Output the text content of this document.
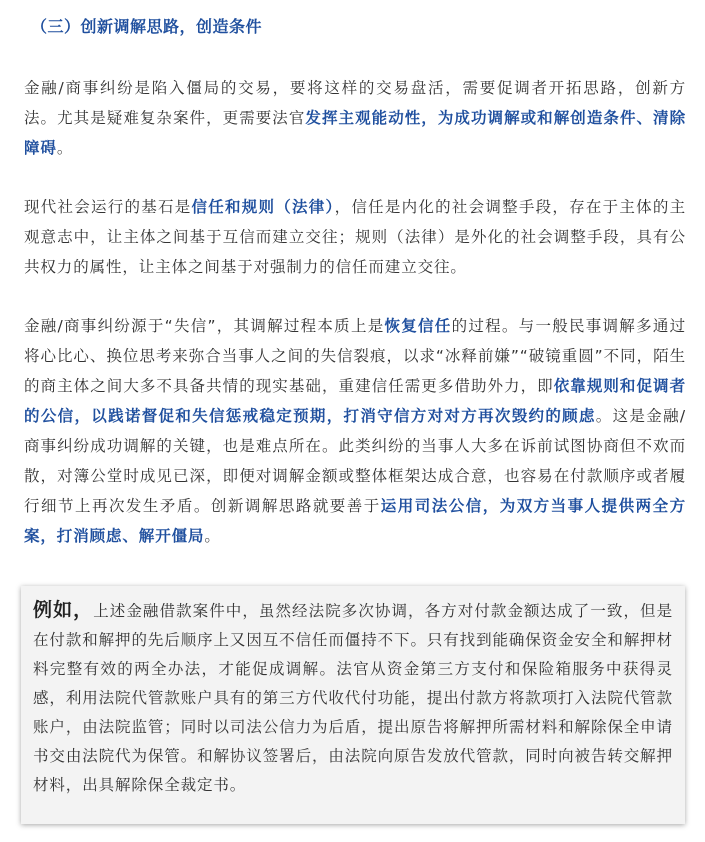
（三）创新调解思路，创造条件

金融/商事纠纷是陷入僵局的交易，要将这样的交易盘活，需要促调者开拓思路，创新方法。尤其是疑难复杂案件，更需要法官发挥主观能动性，为成功调解或和解创造条件、清除障碍。

现代社会运行的基石是信任和规则（法律），信任是内化的社会调整手段，存在于主体的主观意志中，让主体之间基于互信而建立交往；规则（法律）是外化的社会调整手段，具有公共权力的属性，让主体之间基于对强制力的信任而建立交往。

金融/商事纠纷源于“失信”，其调解过程本质上是恢复信任的过程。与一般民事调解多通过将心比心、换位思考来弥合当事人之间的失信裂痕，以求“冰释前嫌”“破镜重圆”不同，陌生的商主体之间大多不具备共情的现实基础，重建信任需更多借助外力，即依靠规则和促调者的公信，以践诺督促和失信惩戒稳定预期，打消守信方对对方再次毁约的顾虑。这是金融/商事纠纷成功调解的关键，也是难点所在。此类纠纷的当事人大多在诉前试图协商但不欢而散，对簿公堂时成见已深，即便对调解金额或整体框架达成合意，也容易在付款顺序或者履行细节上再次发生矛盾。创新调解思路就要善于运用司法公信，为双方当事人提供两全方案，打消顾虑、解开僵局。

例如，上述金融借款案件中，虽然经法院多次协调，各方对付款金额达成了一致，但是在付款和解押的先后顺序上又因互不信任而僵持不下。只有找到能确保资金安全和解押材料完整有效的两全办法，才能促成调解。法官从资金第三方支付和保险箱服务中获得灵感，利用法院代管款账户具有的第三方代收代付功能，提出付款方将款项打入法院代管款账户，由法院监管；同时以司法公信力为后盾，提出原告将解押所需材料和解除保全申请书交由法院代为保管。和解协议签署后，由法院向原告发放代管款，同时向被告转交解押材料，出具解除保全裁定书。
